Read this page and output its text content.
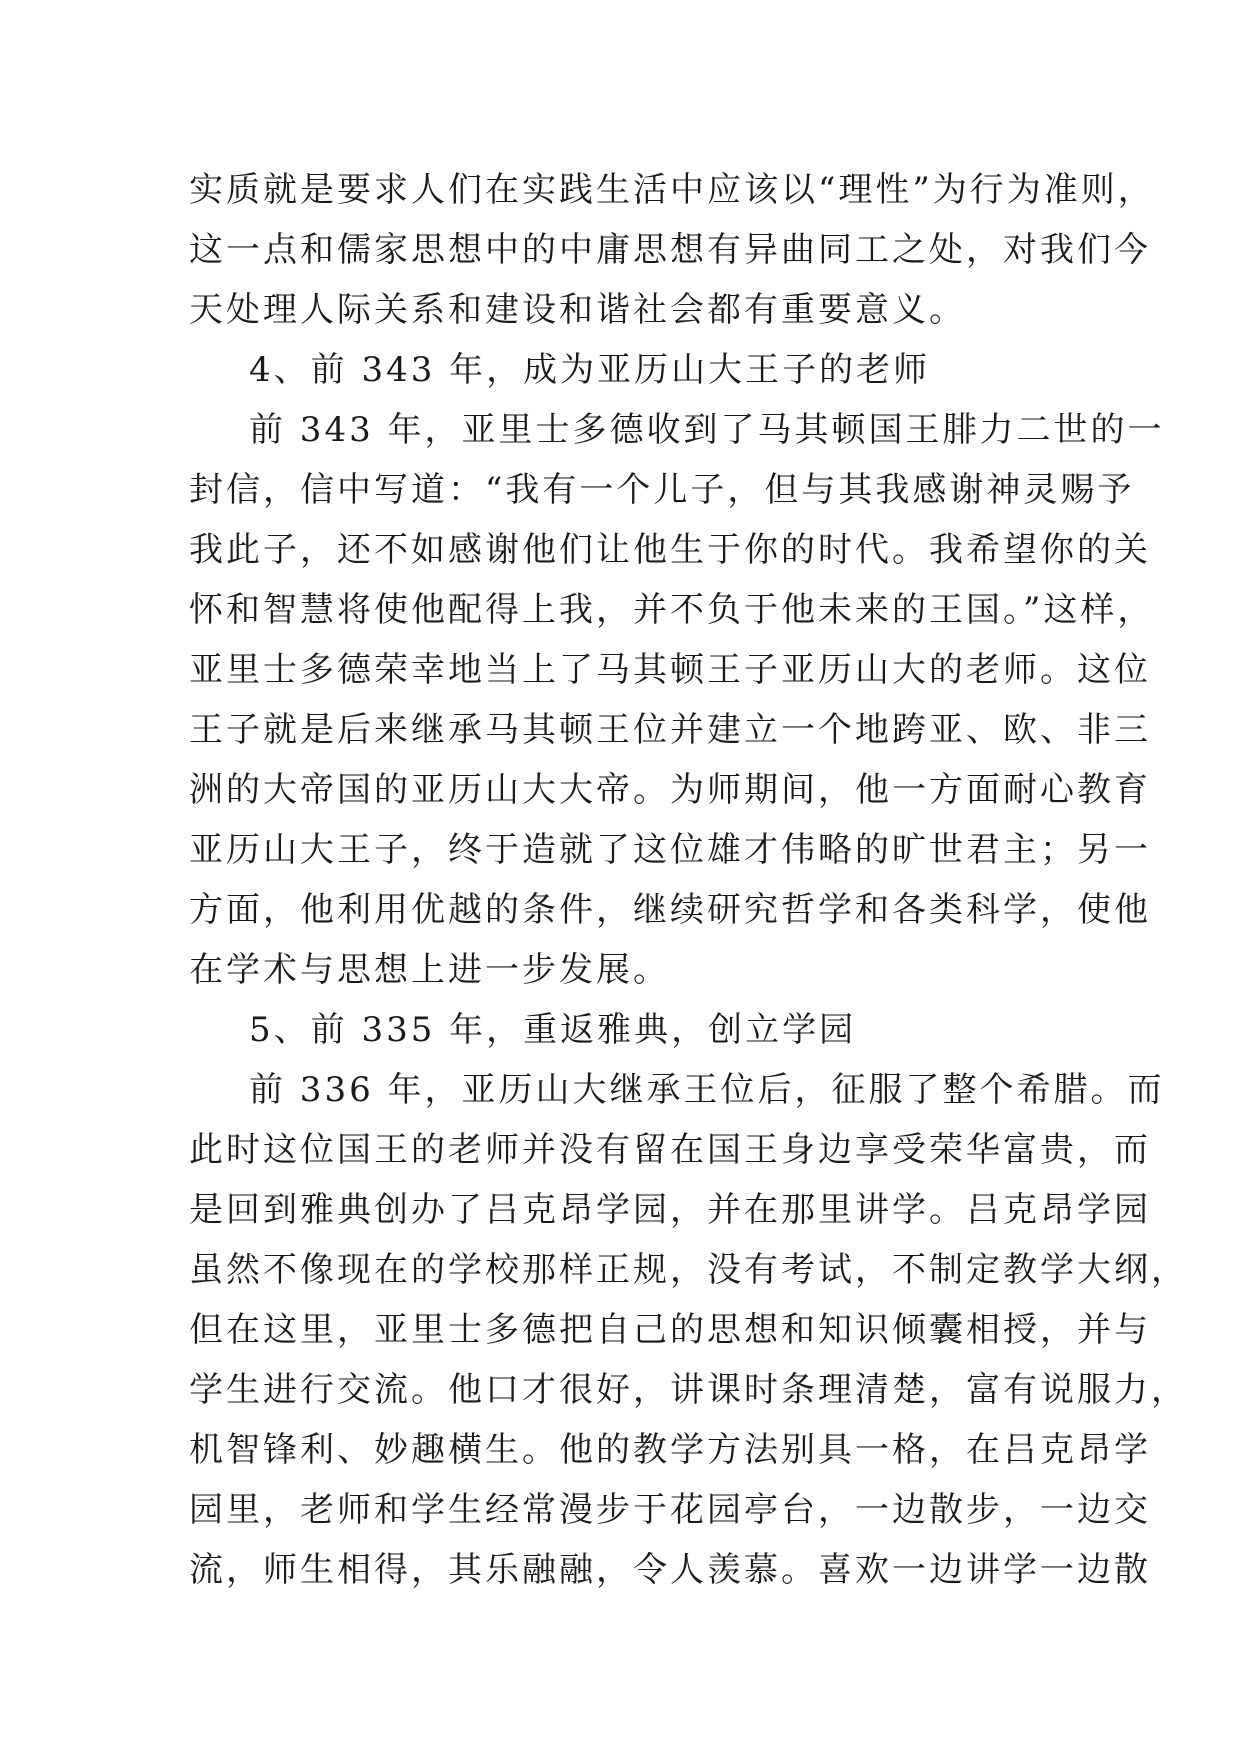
实质就是要求人们在实践生活中应该以“理性”为行为准则，
这一点和儒家思想中的中庸思想有异曲同工之处，对我们今
天处理人际关系和建设和谐社会都有重要意义。
4、前 343 年，成为亚历山大王子的老师
前 343 年，亚里士多德收到了马其顿国王腓力二世的一
封信，信中写道：“我有一个儿子，但与其我感谢神灵赐予
我此子，还不如感谢他们让他生于你的时代。我希望你的关
怀和智慧将使他配得上我，并不负于他未来的王国。”这样，
亚里士多德荣幸地当上了马其顿王子亚历山大的老师。这位
王子就是后来继承马其顿王位并建立一个地跨亚、欧、非三
洲的大帝国的亚历山大大帝。为师期间，他一方面耐心教育
亚历山大王子，终于造就了这位雄才伟略的旷世君主；另一
方面，他利用优越的条件，继续研究哲学和各类科学，使他
在学术与思想上进一步发展。
5、前 335 年，重返雅典，创立学园
前 336 年，亚历山大继承王位后，征服了整个希腊。而
此时这位国王的老师并没有留在国王身边享受荣华富贵，而
是回到雅典创办了吕克昂学园，并在那里讲学。吕克昂学园
虽然不像现在的学校那样正规，没有考试，不制定教学大纲，
但在这里，亚里士多德把自己的思想和知识倾囊相授，并与
学生进行交流。他口才很好，讲课时条理清楚，富有说服力，
机智锋利、妙趣横生。他的教学方法别具一格，在吕克昂学
园里，老师和学生经常漫步于花园亭台，一边散步，一边交
流，师生相得，其乐融融，令人羡慕。喜欢一边讲学一边散
